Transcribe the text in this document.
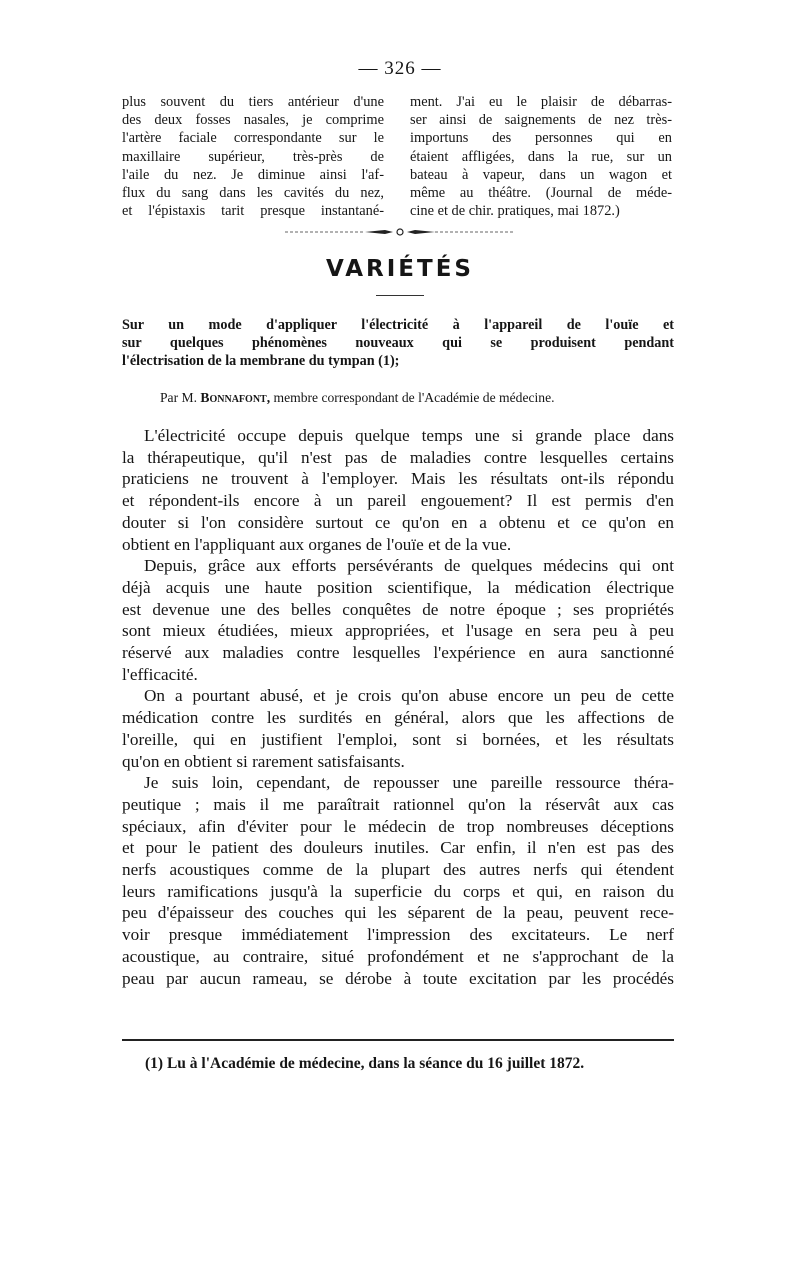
— 326 —
plus souvent du tiers antérieur d'une
des deux fosses nasales, je comprime
l'artère faciale correspondante sur le
maxillaire supérieur, très-près de
l'aile du nez. Je diminue ainsi l'af-
flux du sang dans les cavités du nez,
et l'épistaxis tarit presque instantané-
ment. J'ai eu le plaisir de débarras-
ser ainsi de saignements de nez très-
importuns des personnes qui en
étaient affligées, dans la rue, sur un
bateau à vapeur, dans un wagon et
même au théâtre. (Journal de méde-
cine et de chir. pratiques, mai 1872.)
VARIÉTÉS
Sur un mode d'appliquer l'électricité à l'appareil de l'ouïe et
sur quelques phénomènes nouveaux qui se produisent pendant
l'électrisation de la membrane du tympan (1);
Par M. Bonnafont, membre correspondant de l'Académie de médecine.
L'électricité occupe depuis quelque temps une si grande place dans
la thérapeutique, qu'il n'est pas de maladies contre lesquelles certains
praticiens ne trouvent à l'employer. Mais les résultats ont-ils répondu
et répondent-ils encore à un pareil engouement? Il est permis d'en
douter si l'on considère surtout ce qu'on en a obtenu et ce qu'on en
obtient en l'appliquant aux organes de l'ouïe et de la vue.
Depuis, grâce aux efforts persévérants de quelques médecins qui ont
déjà acquis une haute position scientifique, la médication électrique
est devenue une des belles conquêtes de notre époque ; ses propriétés
sont mieux étudiées, mieux appropriées, et l'usage en sera peu à peu
réservé aux maladies contre lesquelles l'expérience en aura sanctionné
l'efficacité.
On a pourtant abusé, et je crois qu'on abuse encore un peu de cette
médication contre les surdités en général, alors que les affections de
l'oreille, qui en justifient l'emploi, sont si bornées, et les résultats
qu'on en obtient si rarement satisfaisants.
Je suis loin, cependant, de repousser une pareille ressource théra-
peutique ; mais il me paraîtrait rationnel qu'on la réservât aux cas
spéciaux, afin d'éviter pour le médecin de trop nombreuses déceptions
et pour le patient des douleurs inutiles. Car enfin, il n'en est pas des
nerfs acoustiques comme de la plupart des autres nerfs qui étendent
leurs ramifications jusqu'à la superficie du corps et qui, en raison du
peu d'épaisseur des couches qui les séparent de la peau, peuvent rece-
voir presque immédiatement l'impression des excitateurs. Le nerf
acoustique, au contraire, situé profondément et ne s'approchant de la
peau par aucun rameau, se dérobe à toute excitation par les procédés
(1) Lu à l'Académie de médecine, dans la séance du 16 juillet 1872.
